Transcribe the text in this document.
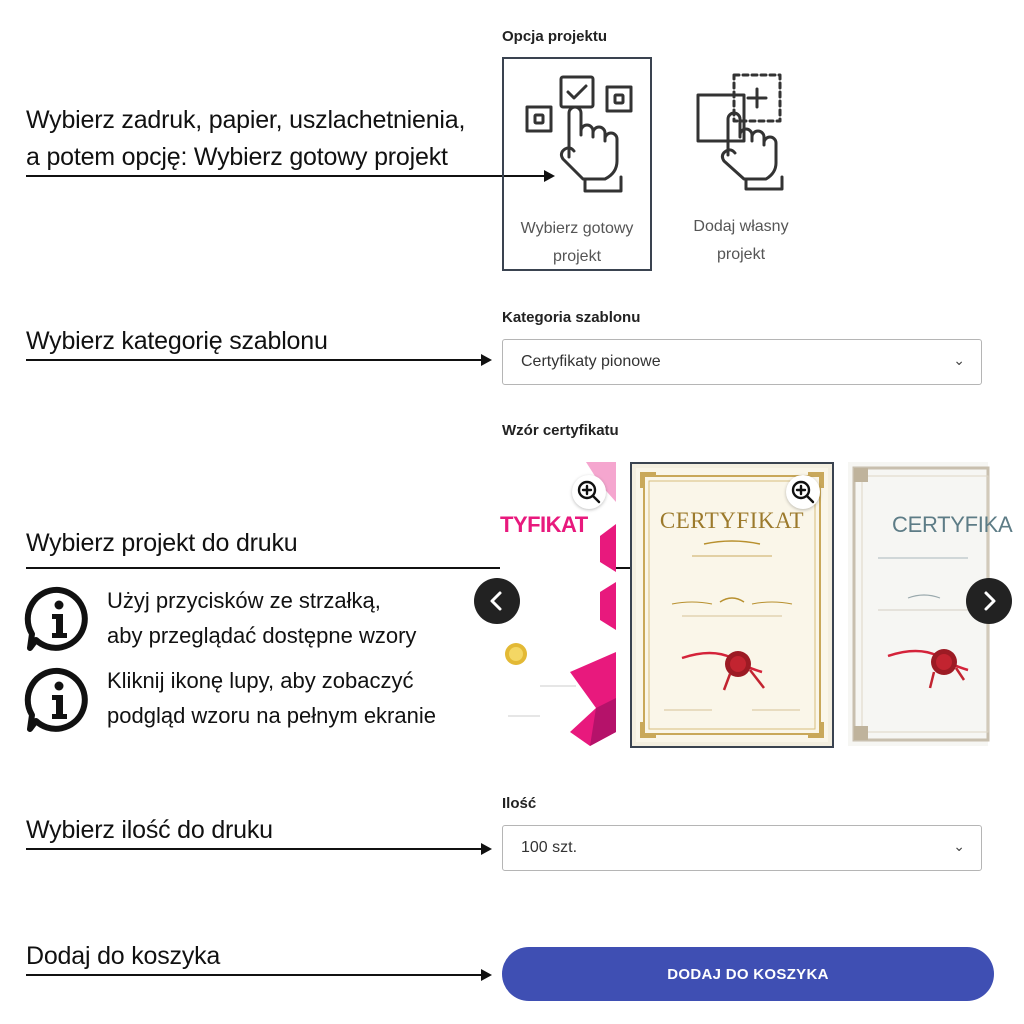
Wybierz zadruk, papier, uszlachetnienia,
a potem opcję: Wybierz gotowy projekt
Wybierz kategorię szablonu
Wybierz projekt do druku
Użyj przycisków ze strzałką,
aby przeglądać dostępne wzory
Kliknij ikonę lupy, aby zobaczyć
podgląd wzoru na pełnym ekranie
Wybierz ilość do druku
Dodaj do koszyka
Opcja projektu
Wybierz gotowy
projekt
Dodaj własny
projekt
Kategoria szablonu
Certyfikaty pionowe	⌄
Wzór certyfikatu
TYFIKAT	CERTYFIKAT	CERTYFIKA
Ilość
100 szt.	⌄
DODAJ DO KOSZYKA
